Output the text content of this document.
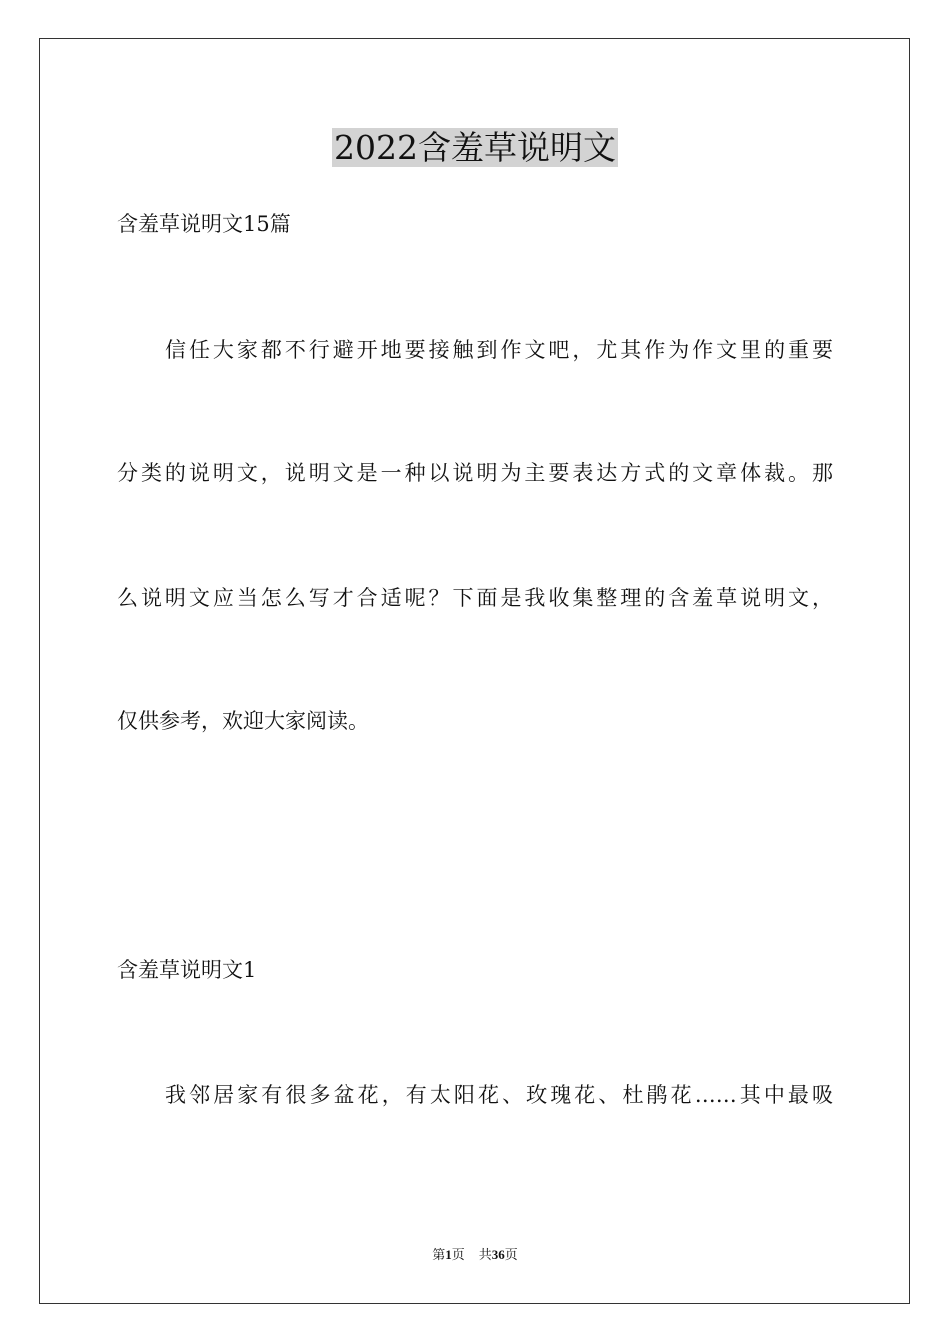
2022含羞草说明文

含羞草说明文15篇

信任大家都不行避开地要接触到作文吧，尤其作为作文里的重要

分类的说明文，说明文是一种以说明为主要表达方式的文章体裁。那

么说明文应当怎么写才合适呢？下面是我收集整理的含羞草说明文，

仅供参考，欢迎大家阅读。

含羞草说明文1

我邻居家有很多盆花，有太阳花、玫瑰花、杜鹃花……其中最吸

第1页 共36页
